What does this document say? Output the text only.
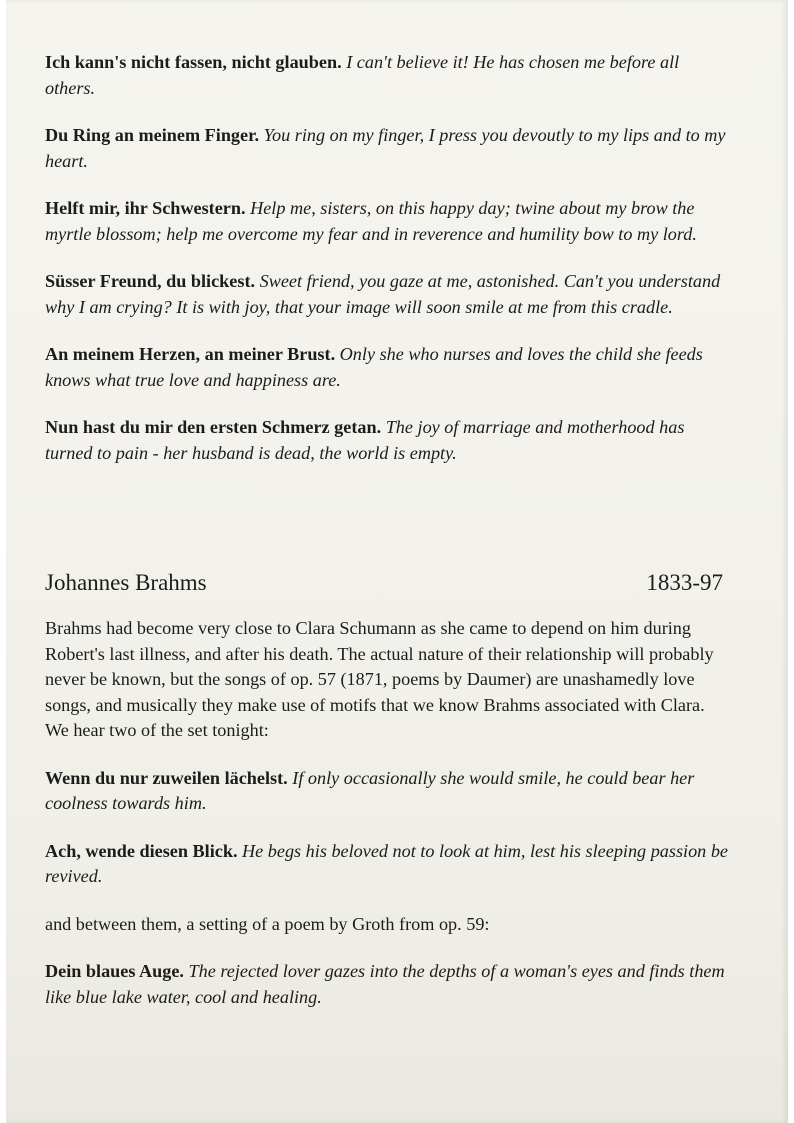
Ich kann's nicht fassen, nicht glauben. I can't believe it! He has chosen me before all others.

Du Ring an meinem Finger. You ring on my finger, I press you devoutly to my lips and to my heart.

Helft mir, ihr Schwestern. Help me, sisters, on this happy day; twine about my brow the myrtle blossom; help me overcome my fear and in reverence and humility bow to my lord.

Süsser Freund, du blickest. Sweet friend, you gaze at me, astonished. Can't you understand why I am crying? It is with joy, that your image will soon smile at me from this cradle.

An meinem Herzen, an meiner Brust. Only she who nurses and loves the child she feeds knows what true love and happiness are.

Nun hast du mir den ersten Schmerz getan. The joy of marriage and motherhood has turned to pain - her husband is dead, the world is empty.

Johannes Brahms	1833-97

Brahms had become very close to Clara Schumann as she came to depend on him during Robert's last illness, and after his death. The actual nature of their relationship will probably never be known, but the songs of op. 57 (1871, poems by Daumer) are unashamedly love songs, and musically they make use of motifs that we know Brahms associated with Clara. We hear two of the set tonight:

Wenn du nur zuweilen lächelst. If only occasionally she would smile, he could bear her coolness towards him.

Ach, wende diesen Blick. He begs his beloved not to look at him, lest his sleeping passion be revived.

and between them, a setting of a poem by Groth from op. 59:

Dein blaues Auge. The rejected lover gazes into the depths of a woman's eyes and finds them like blue lake water, cool and healing.
